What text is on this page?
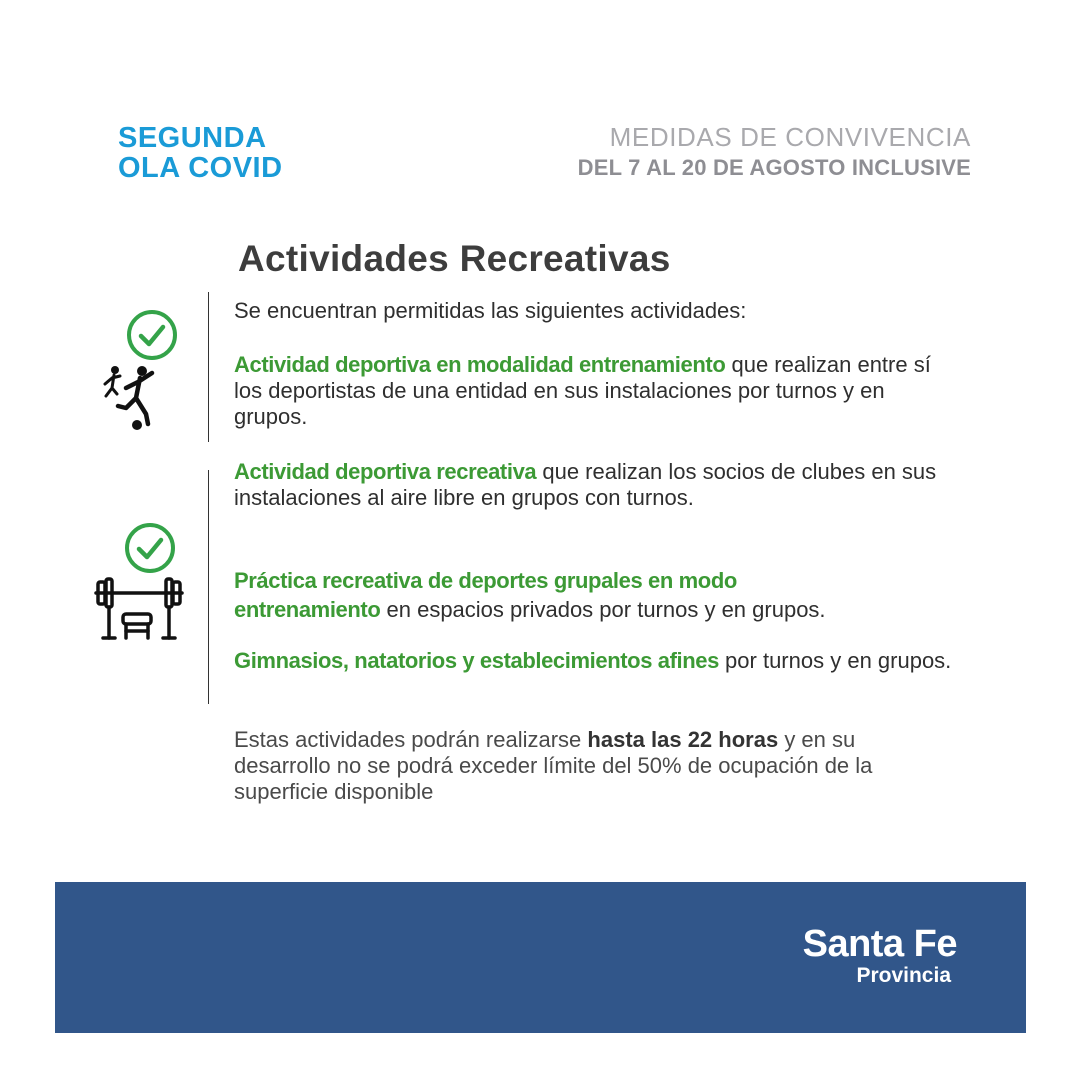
SEGUNDA
OLA COVID
MEDIDAS DE CONVIVENCIA
DEL 7 AL 20 DE AGOSTO INCLUSIVE
Actividades Recreativas

Se encuentran permitidas las siguientes actividades:

Actividad deportiva en modalidad entrenamiento que realizan entre sí los deportistas de una entidad en sus instalaciones por turnos y en grupos.

Actividad deportiva recreativa que realizan los socios de clubes en sus instalaciones al aire libre en grupos con turnos.

Práctica recreativa de deportes grupales en modo
entrenamiento en espacios privados por turnos y en grupos.

Gimnasios, natatorios y establecimientos afines por turnos y en grupos.

Estas actividades podrán realizarse hasta las 22 horas y en su desarrollo no se podrá exceder límite del 50% de ocupación de la superficie disponible

Santa Fe
Provincia
